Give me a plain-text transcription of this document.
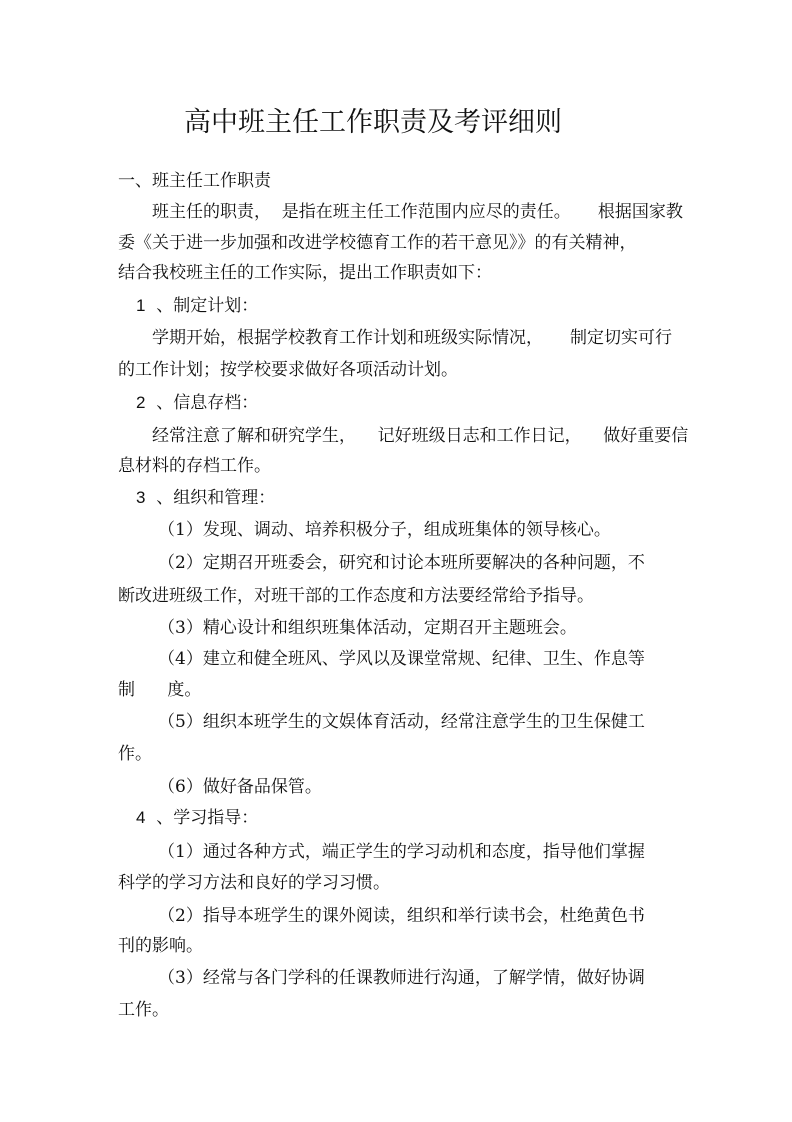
高中班主任工作职责及考评细则
一、班主任工作职责
班主任的职责，  是指在班主任工作范围内应尽的责任。     根据国家教
委《关于进一步加强和改进学校德育工作的若干意见》》的有关精神，
结合我校班主任的工作实际，提出工作职责如下：
1 、制定计划：
学期开始，根据学校教育工作计划和班级实际情况，     制定切实可行
的工作计划；按学校要求做好各项活动计划。
2 、信息存档：
经常注意了解和研究学生，    记好班级日志和工作日记，    做好重要信
息材料的存档工作。
3 、组织和管理：
（1）发现、调动、培养积极分子，组成班集体的领导核心。
（2）定期召开班委会，研究和讨论本班所要解决的各种问题，不
断改进班级工作，对班干部的工作态度和方法要经常给予指导。
（3）精心设计和组织班集体活动，定期召开主题班会。
（4）建立和健全班风、学风以及课堂常规、纪律、卫生、作息等
制      度。
（5）组织本班学生的文娱体育活动，经常注意学生的卫生保健工
作。
（6）做好备品保管。
4 、学习指导：
（1）通过各种方式，端正学生的学习动机和态度，指导他们掌握
科学的学习方法和良好的学习习惯。
（2）指导本班学生的课外阅读，组织和举行读书会，杜绝黄色书
刊的影响。
（3）经常与各门学科的任课教师进行沟通，了解学情，做好协调
工作。
